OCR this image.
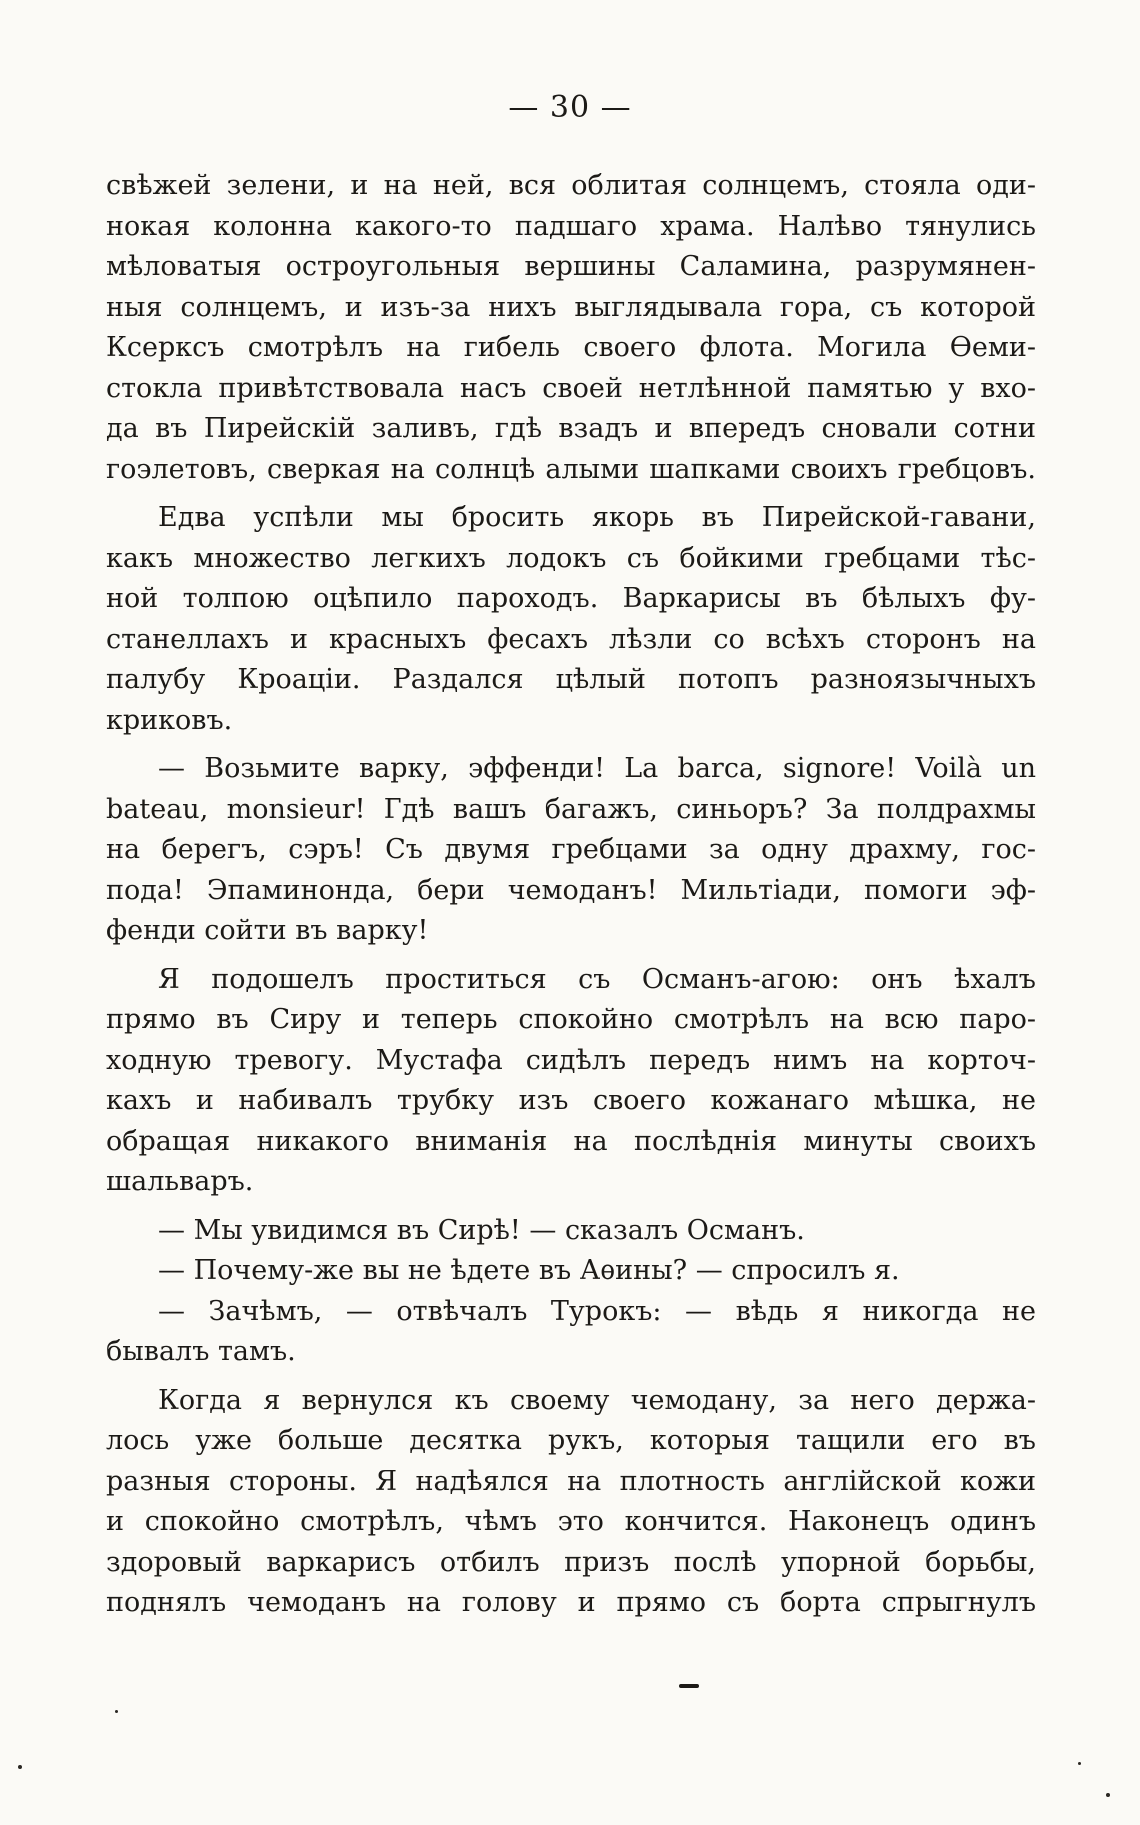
— 30 —
свѣжей зелени, и на ней, вся облитая солнцемъ, стояла оди-
нокая колонна какого-то падшаго храма. Налѣво тянулись
мѣловатыя остроугольныя вершины Саламина, разрумянен-
ныя солнцемъ, и изъ-за нихъ выглядывала гора, съ которой
Ксерксъ смотрѣлъ на гибель своего флота. Могила Ѳеми-
стокла привѣтствовала насъ своей нетлѣнной памятью у вхо-
да въ Пирейскій заливъ, гдѣ взадъ и впередъ сновали сотни
гоэлетовъ, сверкая на солнцѣ алыми шапками своихъ гребцовъ.
Едва успѣли мы бросить якорь въ Пирейской-гавани,
какъ множество легкихъ лодокъ съ бойкими гребцами тѣс-
ной толпою оцѣпило пароходъ. Варкарисы въ бѣлыхъ фу-
станеллахъ и красныхъ фесахъ лѣзли со всѣхъ сторонъ на
палубу Кроаціи. Раздался цѣлый потопъ разноязычныхъ
криковъ.
— Возьмите варку, эффенди! La barca, signore! Voilà un
bateau, monsieur! Гдѣ вашъ багажъ, синьоръ? За полдрахмы
на берегъ, сэръ! Съ двумя гребцами за одну драхму, гос-
пода! Эпаминонда, бери чемоданъ! Мильтіади, помоги эф-
фенди сойти въ варку!
Я подошелъ проститься съ Османъ-агою: онъ ѣхалъ
прямо въ Сиру и теперь спокойно смотрѣлъ на всю паро-
ходную тревогу. Мустафа сидѣлъ передъ нимъ на корточ-
кахъ и набивалъ трубку изъ своего кожанаго мѣшка, не
обращая никакого вниманія на послѣднія минуты своихъ
шальваръ.
— Мы увидимся въ Сирѣ! — сказалъ Османъ.
— Почему-же вы не ѣдете въ Аѳины? — спросилъ я.
— Зачѣмъ, — отвѣчалъ Турокъ: — вѣдь я никогда не
бывалъ тамъ.
Когда я вернулся къ своему чемодану, за него держа-
лось уже больше десятка рукъ, которыя тащили его въ
разныя стороны. Я надѣялся на плотность англійской кожи
и спокойно смотрѣлъ, чѣмъ это кончится. Наконецъ одинъ
здоровый варкарисъ отбилъ призъ послѣ упорной борьбы,
поднялъ чемоданъ на голову и прямо съ борта спрыгнулъ
